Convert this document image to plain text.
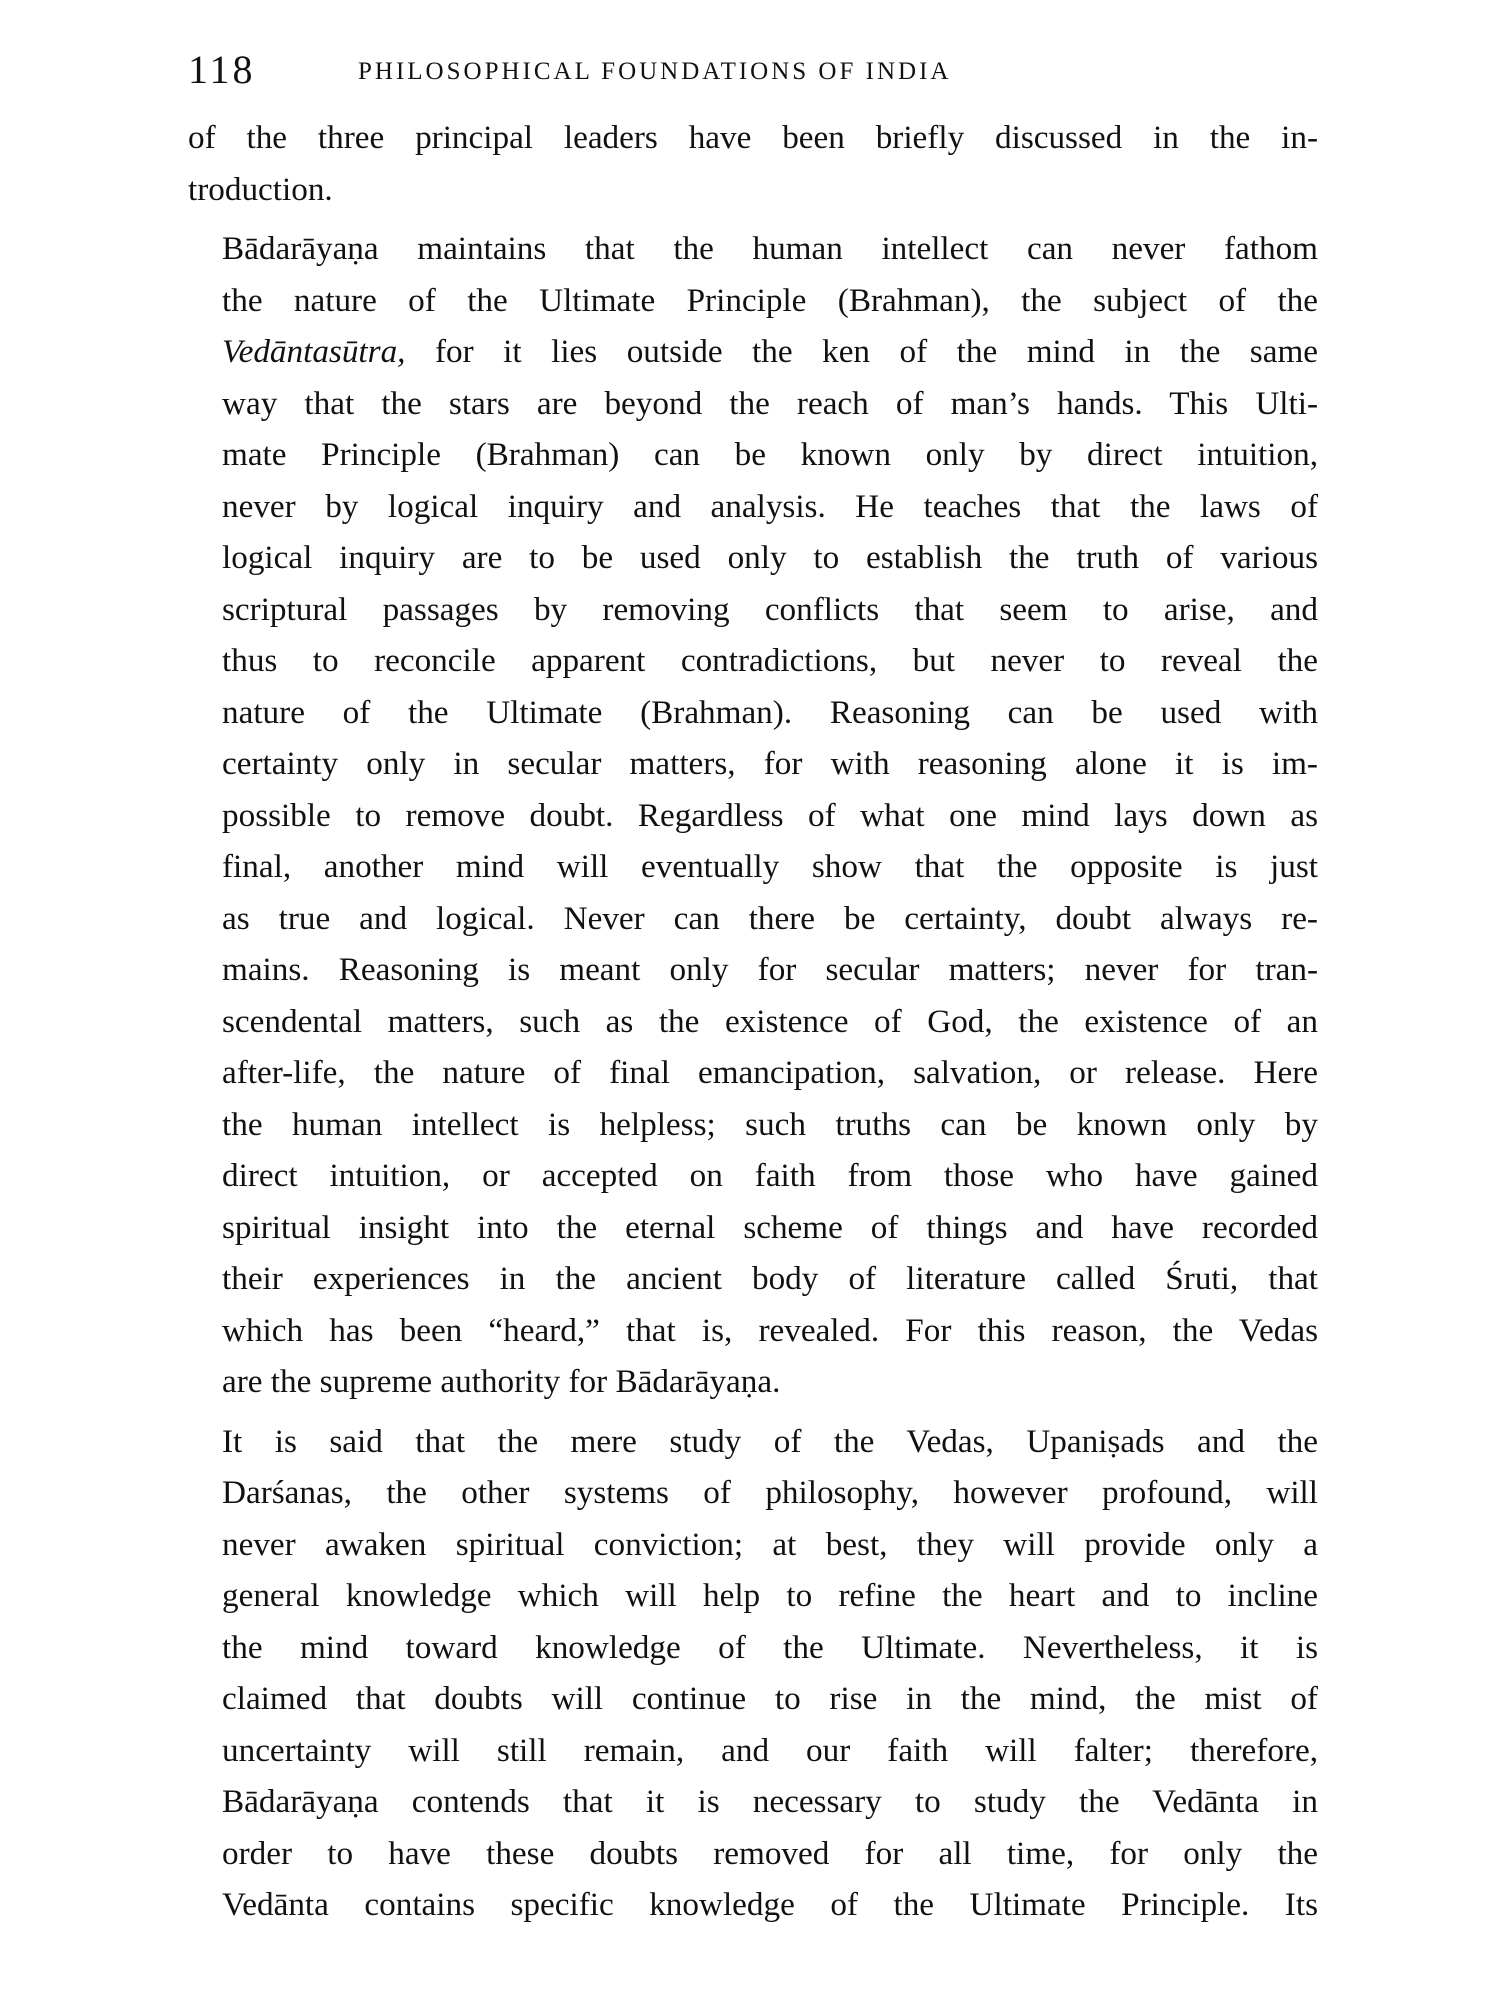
118	PHILOSOPHICAL FOUNDATIONS OF INDIA

of the three principal leaders have been briefly discussed in the in-
troduction.

Bādarāyaṇa maintains that the human intellect can never fathom
the nature of the Ultimate Principle (Brahman), the subject of the
Vedāntasūtra, for it lies outside the ken of the mind in the same
way that the stars are beyond the reach of man’s hands. This Ulti-
mate Principle (Brahman) can be known only by direct intuition,
never by logical inquiry and analysis. He teaches that the laws of
logical inquiry are to be used only to establish the truth of various
scriptural passages by removing conflicts that seem to arise, and
thus to reconcile apparent contradictions, but never to reveal the
nature of the Ultimate (Brahman). Reasoning can be used with
certainty only in secular matters, for with reasoning alone it is im-
possible to remove doubt. Regardless of what one mind lays down as
final, another mind will eventually show that the opposite is just
as true and logical. Never can there be certainty, doubt always re-
mains. Reasoning is meant only for secular matters; never for tran-
scendental matters, such as the existence of God, the existence of an
after-life, the nature of final emancipation, salvation, or release. Here
the human intellect is helpless; such truths can be known only by
direct intuition, or accepted on faith from those who have gained
spiritual insight into the eternal scheme of things and have recorded
their experiences in the ancient body of literature called Śruti, that
which has been “heard,” that is, revealed. For this reason, the Vedas
are the supreme authority for Bādarāyaṇa.

It is said that the mere study of the Vedas, Upaniṣads and the
Darśanas, the other systems of philosophy, however profound, will
never awaken spiritual conviction; at best, they will provide only a
general knowledge which will help to refine the heart and to incline
the mind toward knowledge of the Ultimate. Nevertheless, it is
claimed that doubts will continue to rise in the mind, the mist of
uncertainty will still remain, and our faith will falter; therefore,
Bādarāyaṇa contends that it is necessary to study the Vedānta in
order to have these doubts removed for all time, for only the
Vedānta contains specific knowledge of the Ultimate Principle. Its
